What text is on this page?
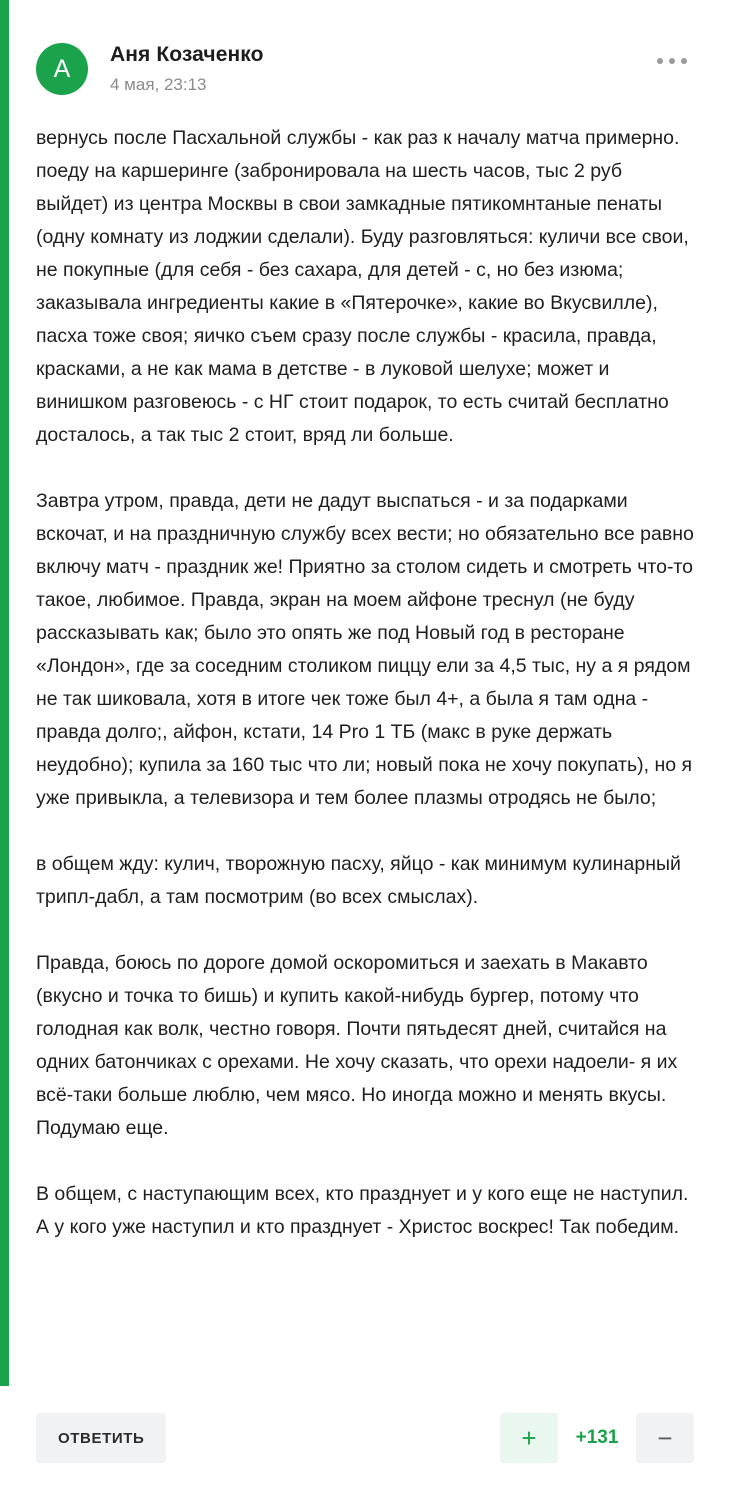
A	Аня Козаченко
4 мая, 23:13

вернусь после Пасхальной службы - как раз к началу матча примерно. поеду на каршеринге (забронировала на шесть часов, тыс 2 руб выйдет) из центра Москвы в свои замкадные пятикомнтаные пенаты (одну комнату из лоджии сделали). Буду разговляться: куличи все свои, не покупные (для себя - без сахара, для детей - с, но без изюма; заказывала ингредиенты какие в «Пятерочке», какие во Вкусвилле), пасха тоже своя; яичко съем сразу после службы - красила, правда, красками, а не как мама в детстве - в луковой шелухе; может и винишком разговеюсь - с НГ стоит подарок, то есть считай бесплатно досталось, а так тыс 2 стоит, вряд ли больше.

Завтра утром, правда, дети не дадут выспаться - и за подарками вскочат, и на праздничную службу всех вести; но обязательно все равно включу матч - праздник же! Приятно за столом сидеть и смотреть что-то такое, любимое. Правда, экран на моем айфоне треснул (не буду рассказывать как; было это опять же под Новый год в ресторане «Лондон», где за соседним столиком пиццу ели за 4,5 тыс, ну а я рядом не так шиковала, хотя в итоге чек тоже был 4+, а была я там одна - правда долго;, айфон, кстати, 14 Pro 1 ТБ (макс в руке держать неудобно); купила за 160 тыс что ли; новый пока не хочу покупать), но я уже привыкла, а телевизора и тем более плазмы отродясь не было;

в общем жду: кулич, творожную пасху, яйцо - как минимум кулинарный трипл-дабл, а там посмотрим (во всех смыслах).

Правда, боюсь по дороге домой оскоромиться и заехать в Макавто (вкусно и точка то бишь) и купить какой-нибудь бургер, потому что голодная как волк, честно говоря. Почти пятьдесят дней, считайся на одних батончиках с орехами. Не хочу сказать, что орехи надоели- я их всё-таки больше люблю, чем мясо. Но иногда можно и менять вкусы. Подумаю еще.

В общем, с наступающим всех, кто празднует и у кого еще не наступил. А у кого уже наступил и кто празднует - Христос воскрес! Так победим.

ОТВЕТИТЬ	+	+131	−
